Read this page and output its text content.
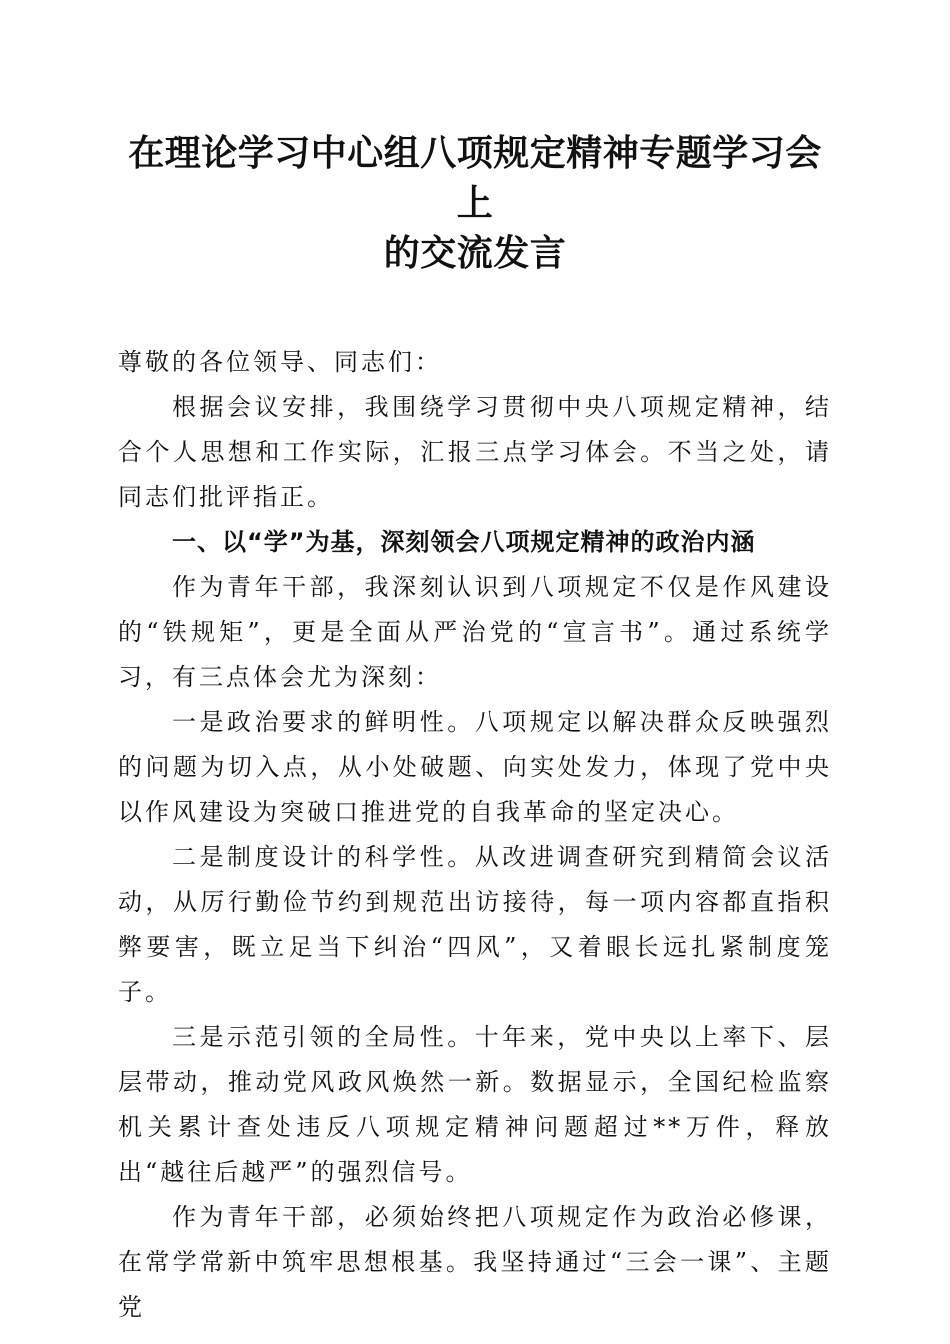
在理论学习中心组八项规定精神专题学习会上
的交流发言

尊敬的各位领导、同志们：

根据会议安排，我围绕学习贯彻中央八项规定精神，结合个人思想和工作实际，汇报三点学习体会。不当之处，请同志们批评指正。

一、以“学”为基，深刻领会八项规定精神的政治内涵

作为青年干部，我深刻认识到八项规定不仅是作风建设的“铁规矩”，更是全面从严治党的“宣言书”。通过系统学习，有三点体会尤为深刻：

一是政治要求的鲜明性。八项规定以解决群众反映强烈的问题为切入点，从小处破题、向实处发力，体现了党中央以作风建设为突破口推进党的自我革命的坚定决心。

二是制度设计的科学性。从改进调查研究到精简会议活动，从厉行勤俭节约到规范出访接待，每一项内容都直指积弊要害，既立足当下纠治“四风”，又着眼长远扎紧制度笼子。

三是示范引领的全局性。十年来，党中央以上率下、层层带动，推动党风政风焕然一新。数据显示，全国纪检监察机关累计查处违反八项规定精神问题超过**万件，释放出“越往后越严”的强烈信号。

作为青年干部，必须始终把八项规定作为政治必修课，在常学常新中筑牢思想根基。我坚持通过“三会一课”、主题党
